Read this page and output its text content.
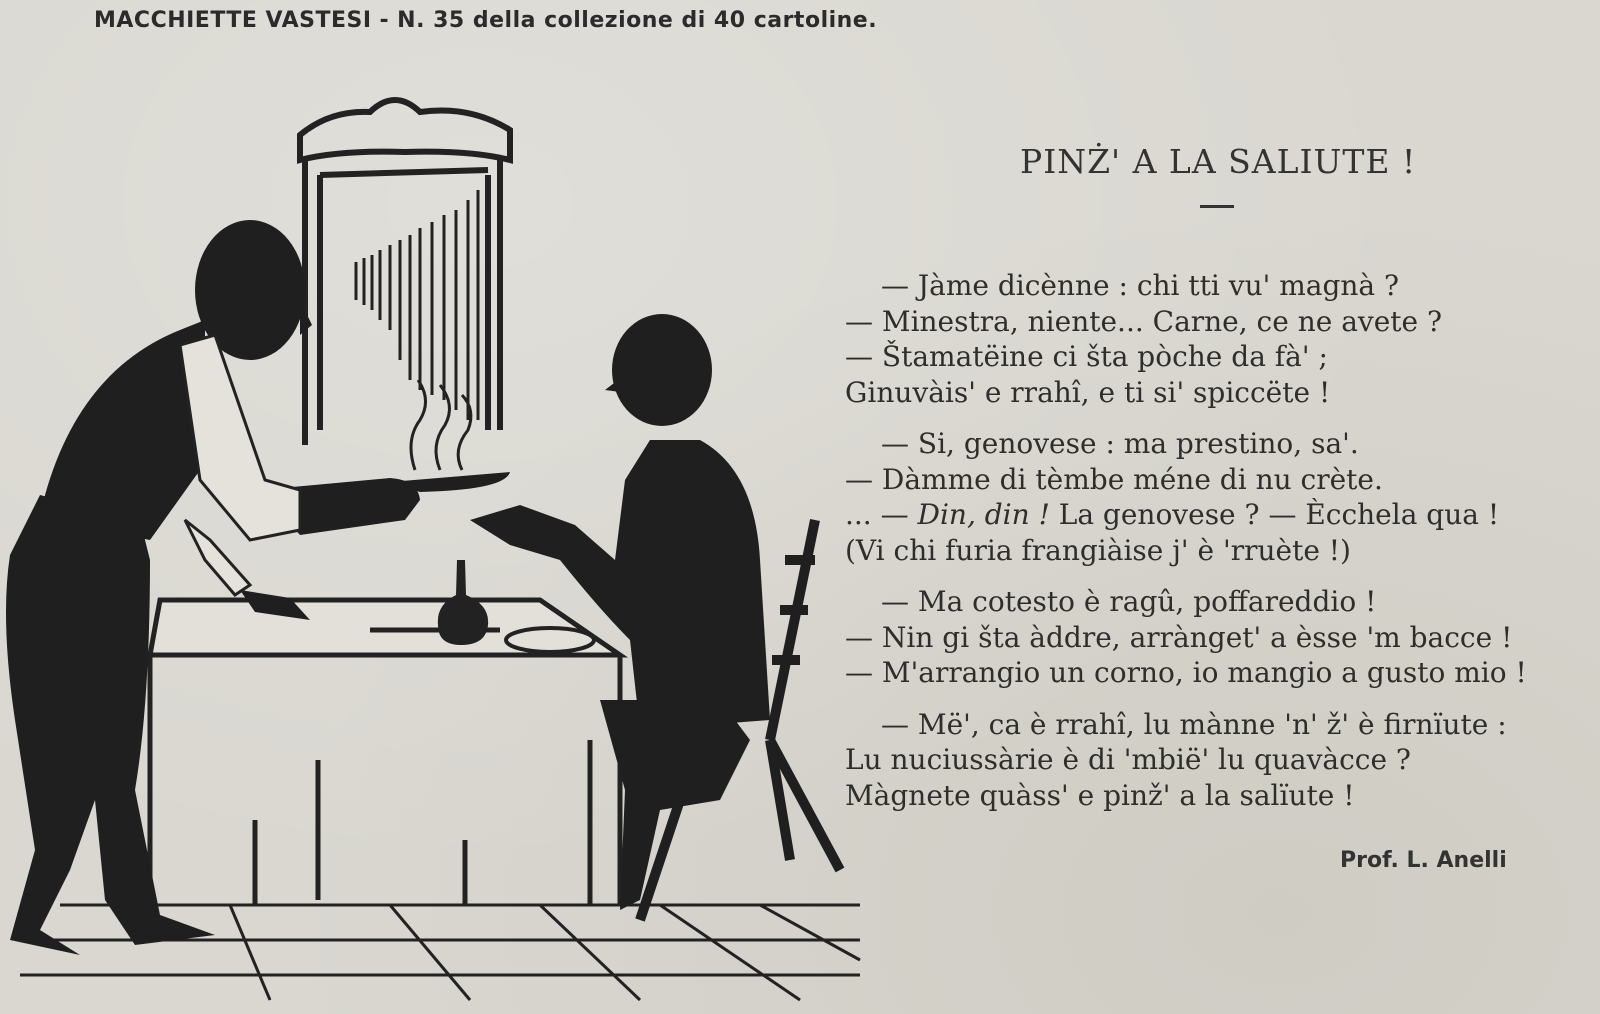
MACCHIETTE VASTESI - N. 35 della collezione di 40 cartoline.
PINŻ' A LA SALIUTE !
— Jàme dicènne : chi tti vu' magnà ?
— Minestra, niente... Carne, ce ne avete ?
— Štamatëine ci šta pòche da fà' ;
Ginuvàis' e rrahî, e ti si' spiccëte !
— Si, genovese : ma prestino, sa'.
— Dàmme di tèmbe méne di nu crète.
... — Din, din ! La genovese ? — Ècchela qua !
(Vi chi furia frangiàise j' è 'rruète !)
— Ma cotesto è ragû, poffareddio !
— Nin gi šta àddre, arrànget' a èsse 'm bacce !
— M'arrangio un corno, io mangio a gusto mio !
— Më', ca è rrahî, lu mànne 'n' ž' è firnïute :
Lu nuciussàrie è di 'mbië' lu quavàcce ?
Màgnete quàss' e pinž' a la salïute !
Prof. L. Anelli
